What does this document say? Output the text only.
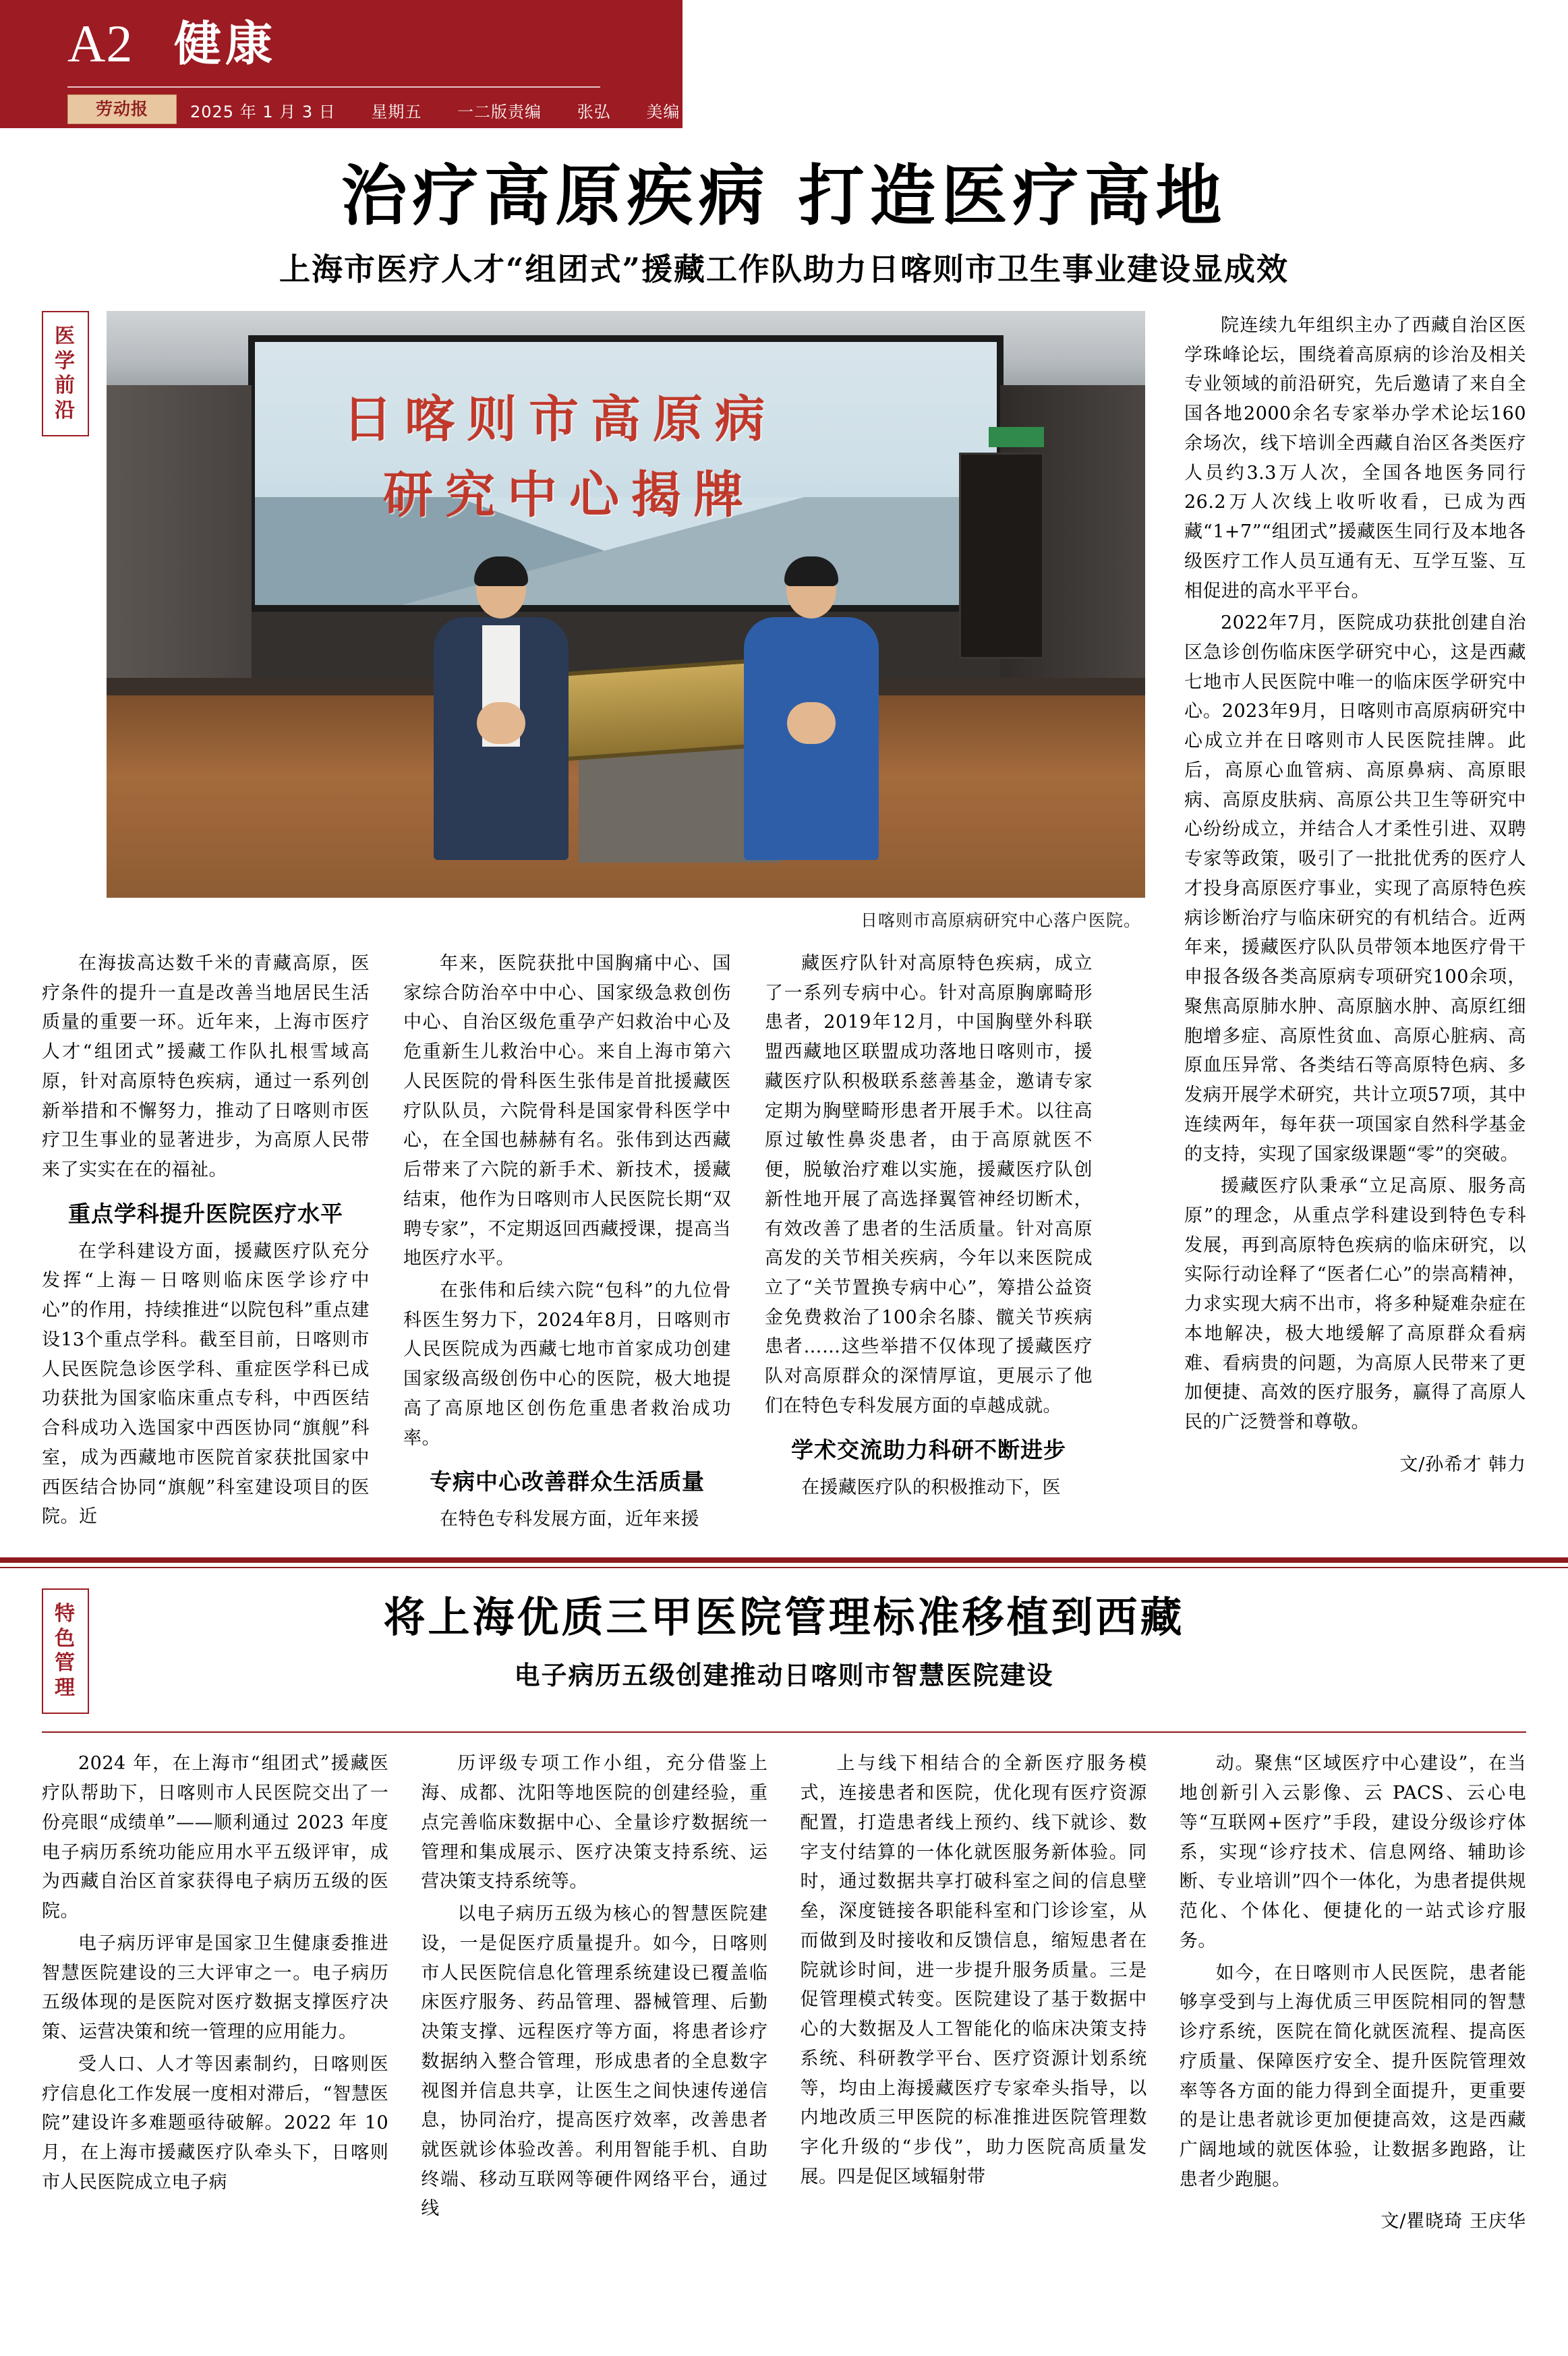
A2 健康
劳动报	2025 年 1 月 3 日 星期五 一二版责编 张弘 美编 周芸
治疗高原疾病 打造医疗高地
上海市医疗人才“组团式”援藏工作队助力日喀则市卫生事业建设显成效
医
学
前
沿	日喀则市高原病
研究中心揭牌
日喀则市高原病研究中心落户医院。

在海拔高达数千米的青藏高原，医疗条件的提升一直是改善当地居民生活质量的重要一环。近年来，上海市医疗人才“组团式”援藏工作队扎根雪域高原，针对高原特色疾病，通过一系列创新举措和不懈努力，推动了日喀则市医疗卫生事业的显著进步，为高原人民带来了实实在在的福祉。

重点学科提升医院医疗水平

在学科建设方面，援藏医疗队充分发挥“上海－日喀则临床医学诊疗中心”的作用，持续推进“以院包科”重点建设13个重点学科。截至目前，日喀则市人民医院急诊医学科、重症医学科已成功获批为国家临床重点专科，中西医结合科成功入选国家中西医协同“旗舰”科室，成为西藏地市医院首家获批国家中西医结合协同“旗舰”科室建设项目的医院。近

年来，医院获批中国胸痛中心、国家综合防治卒中中心、国家级急救创伤中心、自治区级危重孕产妇救治中心及危重新生儿救治中心。来自上海市第六人民医院的骨科医生张伟是首批援藏医疗队队员，六院骨科是国家骨科医学中心，在全国也赫赫有名。张伟到达西藏后带来了六院的新手术、新技术，援藏结束，他作为日喀则市人民医院长期“双聘专家”，不定期返回西藏授课，提高当地医疗水平。

在张伟和后续六院“包科”的九位骨科医生努力下，2024年8月，日喀则市人民医院成为西藏七地市首家成功创建国家级高级创伤中心的医院，极大地提高了高原地区创伤危重患者救治成功率。

专病中心改善群众生活质量

在特色专科发展方面，近年来援

藏医疗队针对高原特色疾病，成立了一系列专病中心。针对高原胸廓畸形患者，2019年12月，中国胸壁外科联盟西藏地区联盟成功落地日喀则市，援藏医疗队积极联系慈善基金，邀请专家定期为胸壁畸形患者开展手术。以往高原过敏性鼻炎患者，由于高原就医不便，脱敏治疗难以实施，援藏医疗队创新性地开展了高选择翼管神经切断术，有效改善了患者的生活质量。针对高原高发的关节相关疾病，今年以来医院成立了“关节置换专病中心”，筹措公益资金免费救治了100余名膝、髋关节疾病患者……这些举措不仅体现了援藏医疗队对高原群众的深情厚谊，更展示了他们在特色专科发展方面的卓越成就。

学术交流助力科研不断进步

在援藏医疗队的积极推动下，医

院连续九年组织主办了西藏自治区医学珠峰论坛，围绕着高原病的诊治及相关专业领域的前沿研究，先后邀请了来自全国各地2000余名专家举办学术论坛160余场次，线下培训全西藏自治区各类医疗人员约3.3万人次，全国各地医务同行26.2万人次线上收听收看，已成为西藏“1+7”“组团式”援藏医生同行及本地各级医疗工作人员互通有无、互学互鉴、互相促进的高水平平台。

2022年7月，医院成功获批创建自治区急诊创伤临床医学研究中心，这是西藏七地市人民医院中唯一的临床医学研究中心。2023年9月，日喀则市高原病研究中心成立并在日喀则市人民医院挂牌。此后，高原心血管病、高原鼻病、高原眼病、高原皮肤病、高原公共卫生等研究中心纷纷成立，并结合人才柔性引进、双聘专家等政策，吸引了一批批优秀的医疗人才投身高原医疗事业，实现了高原特色疾病诊断治疗与临床研究的有机结合。近两年来，援藏医疗队队员带领本地医疗骨干申报各级各类高原病专项研究100余项，聚焦高原肺水肿、高原脑水肿、高原红细胞增多症、高原性贫血、高原心脏病、高原血压异常、各类结石等高原特色病、多发病开展学术研究，共计立项57项，其中连续两年，每年获一项国家自然科学基金的支持，实现了国家级课题“零”的突破。

援藏医疗队秉承“立足高原、服务高原”的理念，从重点学科建设到特色专科发展，再到高原特色疾病的临床研究，以实际行动诠释了“医者仁心”的崇高精神，力求实现大病不出市，将多种疑难杂症在本地解决，极大地缓解了高原群众看病难、看病贵的问题，为高原人民带来了更加便捷、高效的医疗服务，赢得了高原人民的广泛赞誉和尊敬。

文/孙希才 韩力
特色
管理
将上海优质三甲医院管理标准移植到西藏
电子病历五级创建推动日喀则市智慧医院建设

2024 年，在上海市“组团式”援藏医疗队帮助下，日喀则市人民医院交出了一份亮眼“成绩单”——顺利通过 2023 年度电子病历系统功能应用水平五级评审，成为西藏自治区首家获得电子病历五级的医院。

电子病历评审是国家卫生健康委推进智慧医院建设的三大评审之一。电子病历五级体现的是医院对医疗数据支撑医疗决策、运营决策和统一管理的应用能力。

受人口、人才等因素制约，日喀则医疗信息化工作发展一度相对滞后，“智慧医院”建设许多难题亟待破解。2022 年 10 月，在上海市援藏医疗队牵头下，日喀则市人民医院成立电子病

历评级专项工作小组，充分借鉴上海、成都、沈阳等地医院的创建经验，重点完善临床数据中心、全量诊疗数据统一管理和集成展示、医疗决策支持系统、运营决策支持系统等。

以电子病历五级为核心的智慧医院建设，一是促医疗质量提升。如今，日喀则市人民医院信息化管理系统建设已覆盖临床医疗服务、药品管理、器械管理、后勤决策支撑、远程医疗等方面，将患者诊疗数据纳入整合管理，形成患者的全息数字视图并信息共享，让医生之间快速传递信息，协同治疗，提高医疗效率，改善患者就医就诊体验改善。利用智能手机、自助终端、移动互联网等硬件网络平台，通过线

上与线下相结合的全新医疗服务模式，连接患者和医院，优化现有医疗资源配置，打造患者线上预约、线下就诊、数字支付结算的一体化就医服务新体验。同时，通过数据共享打破科室之间的信息壁垒，深度链接各职能科室和门诊诊室，从而做到及时接收和反馈信息，缩短患者在院就诊时间，进一步提升服务质量。三是促管理模式转变。医院建设了基于数据中心的大数据及人工智能化的临床决策支持系统、科研教学平台、医疗资源计划系统等，均由上海援藏医疗专家牵头指导，以内地改质三甲医院的标准推进医院管理数字化升级的“步伐”，助力医院高质量发展。四是促区域辐射带

动。聚焦“区域医疗中心建设”，在当地创新引入云影像、云 PACS、云心电等“互联网+医疗”手段，建设分级诊疗体系，实现“诊疗技术、信息网络、辅助诊断、专业培训”四个一体化，为患者提供规范化、个体化、便捷化的一站式诊疗服务。

如今，在日喀则市人民医院，患者能够享受到与上海优质三甲医院相同的智慧诊疗系统，医院在简化就医流程、提高医疗质量、保障医疗安全、提升医院管理效率等各方面的能力得到全面提升，更重要的是让患者就诊更加便捷高效，这是西藏广阔地域的就医体验，让数据多跑路，让患者少跑腿。

文/瞿晓琦 王庆华
